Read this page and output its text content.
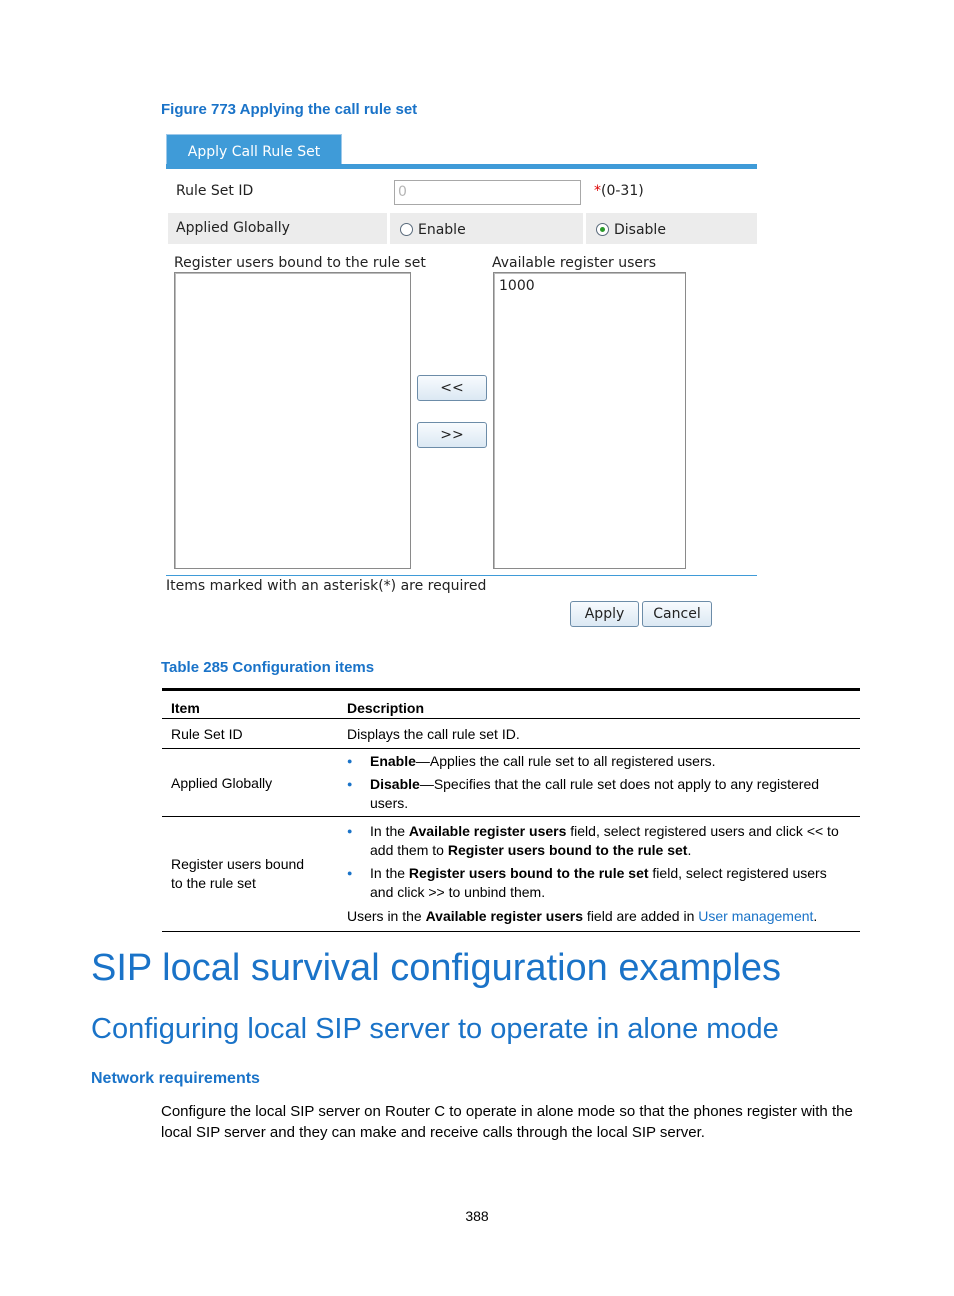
Figure 773 Applying the call rule set
Apply Call Rule Set
Rule Set ID	0	*(0-31)
Applied Globally	Enable	Disable
Register users bound to the rule set	Available register users
1000
<<
>>
Items marked with an asterisk(*) are required
Apply	Cancel
Table 285 Configuration items
Item	Description
Rule Set ID	Displays the call rule set ID.
Applied Globally	● Enable—Applies the call rule set to all registered users.
● Disable—Specifies that the call rule set does not apply to any registered users.

Register users bound to the rule set	● In the Available register users field, select registered users and click << to add them to Register users bound to the rule set.
● In the Register users bound to the rule set field, select registered users and click >> to unbind them.
Users in the Available register users field are added in User management.
SIP local survival configuration examples
Configuring local SIP server to operate in alone mode
Network requirements
Configure the local SIP server on Router C to operate in alone mode so that the phones register with the local SIP server and they can make and receive calls through the local SIP server.
388
